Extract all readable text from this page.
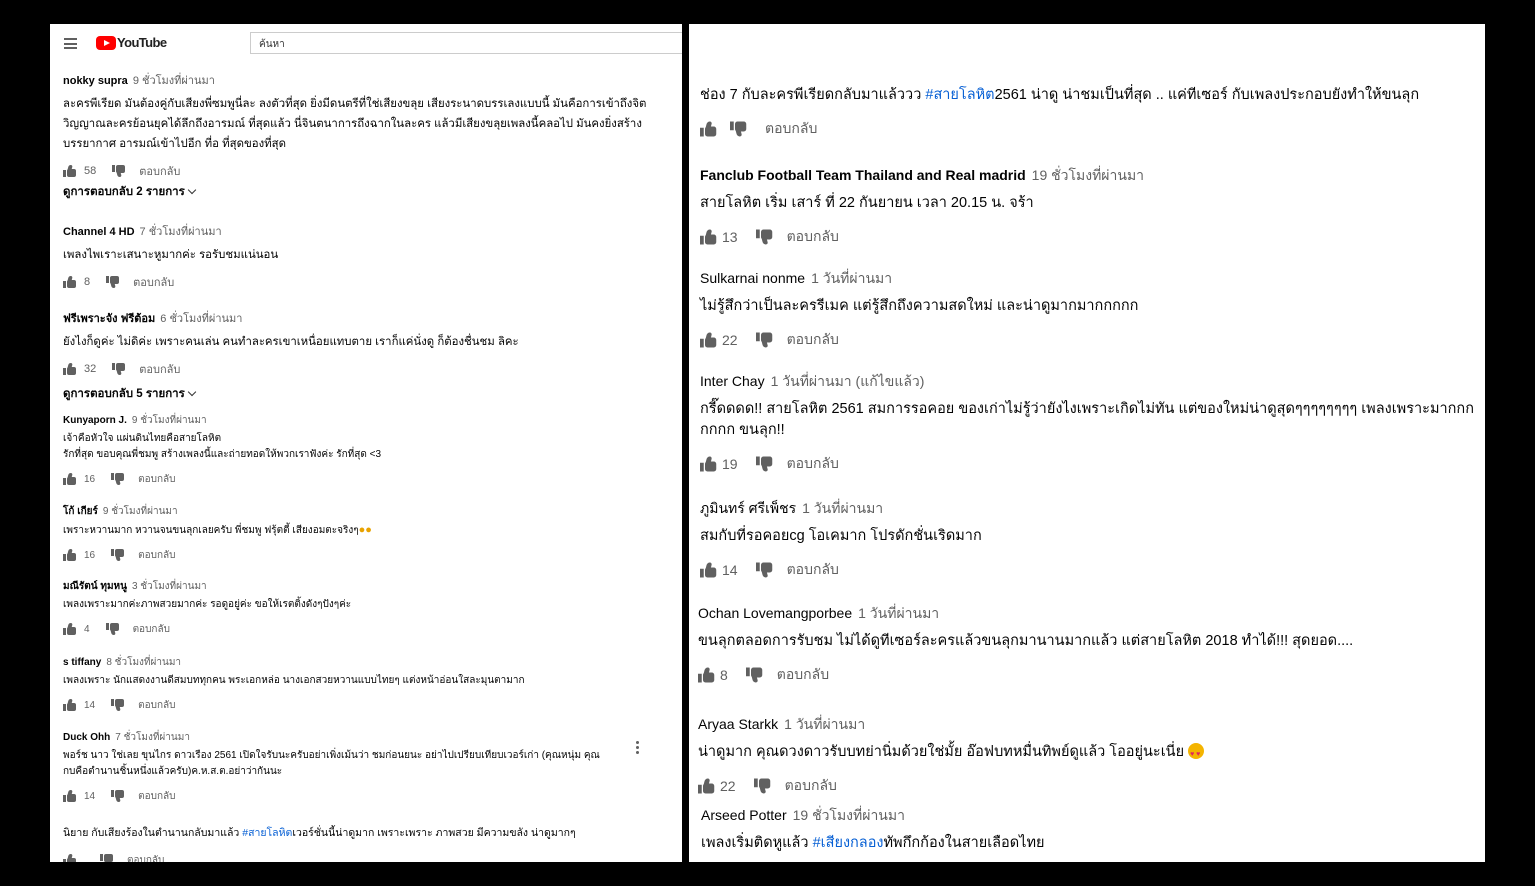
YouTube	ค้นหา
nokky supra 9 ชั่วโมงที่ผ่านมา
ละครพีเรียด มันต้องคู่กับเสียงพี่ซมพูนี่ละ ลงตัวที่สุด ยิ่งมีดนตรีที่ใช่เสียงขลุย เสียงระนาดบรรเลงแบบนี้ มันคือการเข้าถึงจิตวิญญาณละครย้อนยุคได้ลึกถึงอารมณ์ ที่สุดแล้ว นี่จินตนาการถึงฉากในละคร แล้วมีเสียงขลุยเพลงนี้คลอไป มันคงยิ่งสร้างบรรยากาศ อารมณ์เข้าไปอีก ที่อ ที่สุดของที่สุด
58	ตอบกลับ
ดูการตอบกลับ 2 รายการ
Channel 4 HD 7 ชั่วโมงที่ผ่านมา
เพลงไพเราะเสนาะหูมากค่ะ รอรับชมแน่นอน
8	ตอบกลับ
ฟรีเพราะจัง ฟรีต้อม 6 ชั่วโมงที่ผ่านมา
ยังไงก็ดูค่ะ ไม่ดิค่ะ เพราะคนเล่น คนทำละครเขาเหนื่อยแทบตาย เราก็แค่นั่งดู ก็ต้องชื่นชม ลิคะ
32	ตอบกลับ
ดูการตอบกลับ 5 รายการ
Kunyaporn J. 9 ชั่วโมงที่ผ่านมา
เจ้าคือหัวใจ แผ่นดินไทยคือสายโลหิต
รักที่สุด ขอบคุณพี่ชมพู สร้างเพลงนี้และถ่ายทอดให้พวกเราฟังค่ะ รักที่สุด <3
16	ตอบกลับ
โก้ เกียร์ 9 ชั่วโมงที่ผ่านมา
เพราะหวานมาก หวานจนขนลุกเลยครับ พี่ชมพู ฟรุ้ตตี้ เสียงอมตะจริงๆ●●
16	ตอบกลับ
มณีรัตน์ ทุมหนู 3 ชั่วโมงที่ผ่านมา
เพลงเพราะมากค่ะภาพสวยมากค่ะ รอดูอยู่ค่ะ ขอให้เรตติ้งดังๆปังๆค่ะ
4	ตอบกลับ
s tiffany 8 ชั่วโมงที่ผ่านมา
เพลงเพราะ นักแสดงงานดีสมบททุกคน พระเอกหล่อ นางเอกสวยหวานแบบไทยๆ แต่งหน้าอ่อนใสละมุนตามาก
14	ตอบกลับ
Duck Ohh 7 ชั่วโมงที่ผ่านมา
พอร์ช นาว ใช่เลย ขุนไกร ดาวเรือง 2561 เปิดใจรับนะครับอย่าเพิ่งเม้นว่า ชมก่อนยนะ อย่าไปเปรียบเทียบเวอร์เก่า (คุณหนุ่ม คุณ
กบคือตำนานชิ้นหนึ่งแล้วครับ)ค.ห.ส.ต.อย่าว่ากันนะ
14	ตอบกลับ
นิยาย กับเสียงร้องในตำนานกลับมาแล้ว #สายโลหิตเวอร์ชั่นนี้น่าดูมาก เพราะเพราะ ภาพสวย มีความขลัง น่าดูมากๆ
ตอบกลับ
ช่อง 7 กับละครพีเรียดกลับมาแล้ววว #สายโลหิต2561 น่าดู น่าชมเป็นที่สุด .. แค่ทีเซอร์ กับเพลงประกอบยังทำให้ขนลุก
ตอบกลับ
Fanclub Football Team Thailand and Real madrid 19 ชั่วโมงที่ผ่านมา
สายโลหิต เริ่ม เสาร์ ที่ 22 กันยายน เวลา 20.15 น. จร้า
13	ตอบกลับ
Sulkarnai nonme 1 วันที่ผ่านมา
ไม่รู้สึกว่าเป็นละครรีเมค แต่รู้สึกถึงความสดใหม่ และน่าดูมากมากกกกก
22	ตอบกลับ
Inter Chay 1 วันที่ผ่านมา (แก้ไขแล้ว)
กรี๊ดดดด!! สายโลหิต 2561 สมการรอคอย ของเก่าไม่รู้ว่ายังไงเพราะเกิดไม่ทัน แต่ของใหม่น่าดูสุดๆๆๆๆๆๆๆๆ เพลงเพราะมากกกกกกก ขนลุก!!
19	ตอบกลับ
ภูมินทร์ ศรีเพ็ชร 1 วันที่ผ่านมา
สมกับที่รอคอยcg โอเคมาก โปรดักชั่นเริดมาก
14	ตอบกลับ
Ochan Lovemangporbee 1 วันที่ผ่านมา
ขนลุกตลอดการรับชม ไม่ได้ดูทีเซอร์ละครแล้วขนลุกมานานมากแล้ว แต่สายโลหิต 2018 ทำได้!!! สุดยอด....
8	ตอบกลับ
Aryaa Starkk 1 วันที่ผ่านมา
น่าดูมาก คุณดวงดาวรับบทย่านิ่มด้วยใช่มั้ย อ๊อฟบทหมื่นทิพย์ดูแล้ว โออยู่นะเนี่ย ♥ ♥
22	ตอบกลับ
Arseed Potter 19 ชั่วโมงที่ผ่านมา
เพลงเริ่มติดหูแล้ว #เสียงกลองทัพกึกก้องในสายเลือดไทย
